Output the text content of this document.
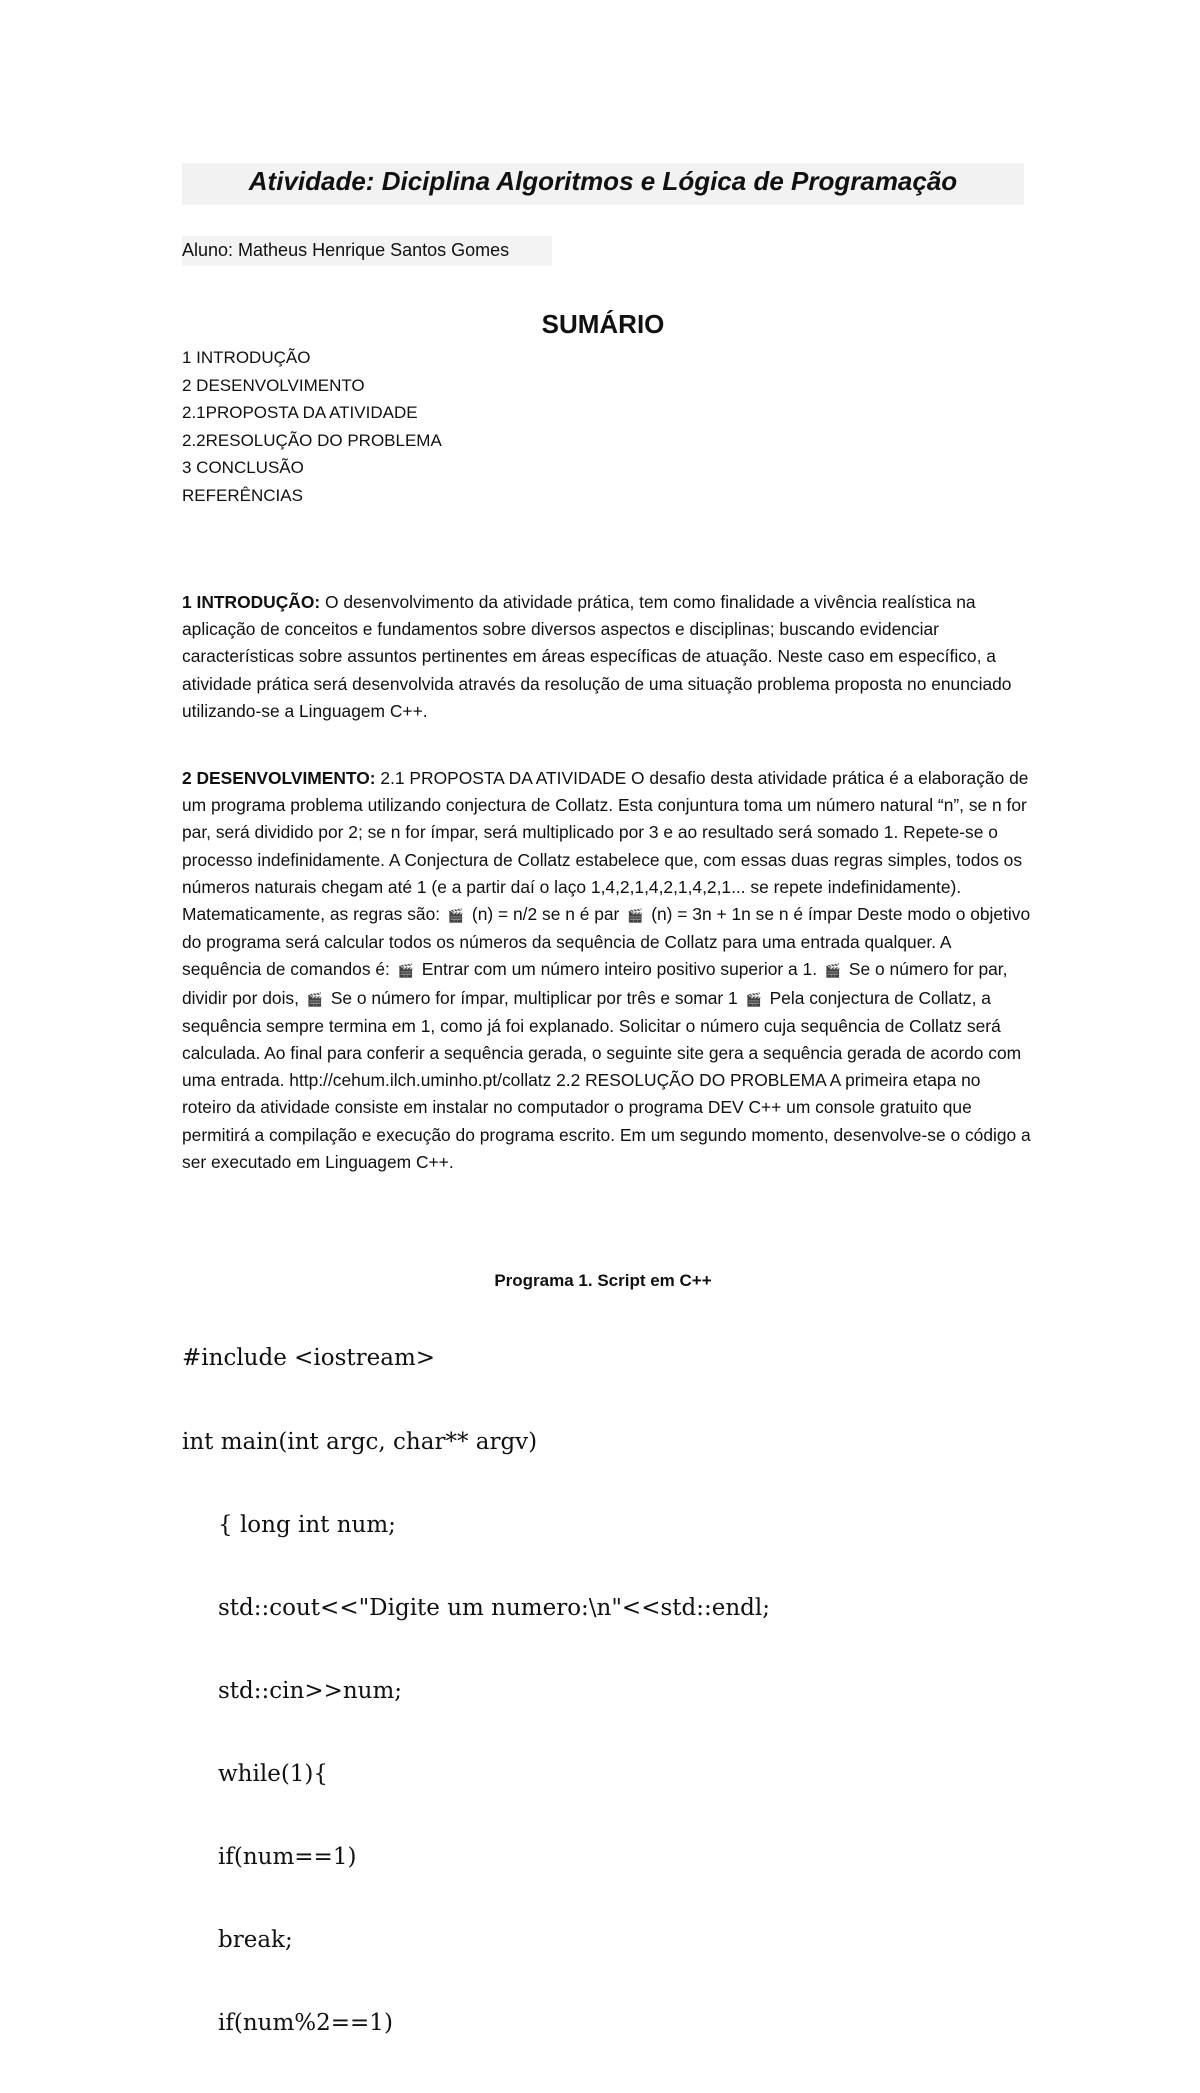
Atividade: Diciplina Algoritmos e Lógica de Programação
Aluno: Matheus Henrique Santos Gomes
SUMÁRIO
1 INTRODUÇÃO
2 DESENVOLVIMENTO
2.1PROPOSTA DA ATIVIDADE
2.2RESOLUÇÃO DO PROBLEMA
3 CONCLUSÃO
REFERÊNCIAS

1 INTRODUÇÃO: O desenvolvimento da atividade prática, tem como finalidade a vivência realística na aplicação de conceitos e fundamentos sobre diversos aspectos e disciplinas; buscando evidenciar características sobre assuntos pertinentes em áreas específicas de atuação. Neste caso em específico, a atividade prática será desenvolvida através da resolução de uma situação problema proposta no enunciado utilizando-se a Linguagem C++.

2 DESENVOLVIMENTO: 2.1 PROPOSTA DA ATIVIDADE O desafio desta atividade prática é a elaboração de um programa problema utilizando conjectura de Collatz. Esta conjuntura toma um número natural “n”, se n for par, será dividido por 2; se n for ímpar, será multiplicado por 3 e ao resultado será somado 1. Repete-se o processo indefinidamente. A Conjectura de Collatz estabelece que, com essas duas regras simples, todos os números naturais chegam até 1 (e a partir daí o laço 1,4,2,1,4,2,1,4,2,1... se repete indefinidamente). Matematicamente, as regras são: 🎬 (n) = n/2 se n é par 🎬 (n) = 3n + 1n se n é ímpar Deste modo o objetivo do programa será calcular todos os números da sequência de Collatz para uma entrada qualquer. A sequência de comandos é: 🎬 Entrar com um número inteiro positivo superior a 1. 🎬 Se o número for par, dividir por dois, 🎬 Se o número for ímpar, multiplicar por três e somar 1 🎬 Pela conjectura de Collatz, a sequência sempre termina em 1, como já foi explanado. Solicitar o número cuja sequência de Collatz será calculada. Ao final para conferir a sequência gerada, o seguinte site gera a sequência gerada de acordo com uma entrada. http://cehum.ilch.uminho.pt/collatz 2.2 RESOLUÇÃO DO PROBLEMA A primeira etapa no roteiro da atividade consiste em instalar no computador o programa DEV C++ um console gratuito que permitirá a compilação e execução do programa escrito. Em um segundo momento, desenvolve-se o código a ser executado em Linguagem C++.

Programa 1. Script em C++

#include <iostream>

int main(int argc, char** argv)

{ long int num;

std::cout<<"Digite um numero:\n"<<std::endl;

std::cin>>num;

while(1){

if(num==1)

break;

if(num%2==1)
